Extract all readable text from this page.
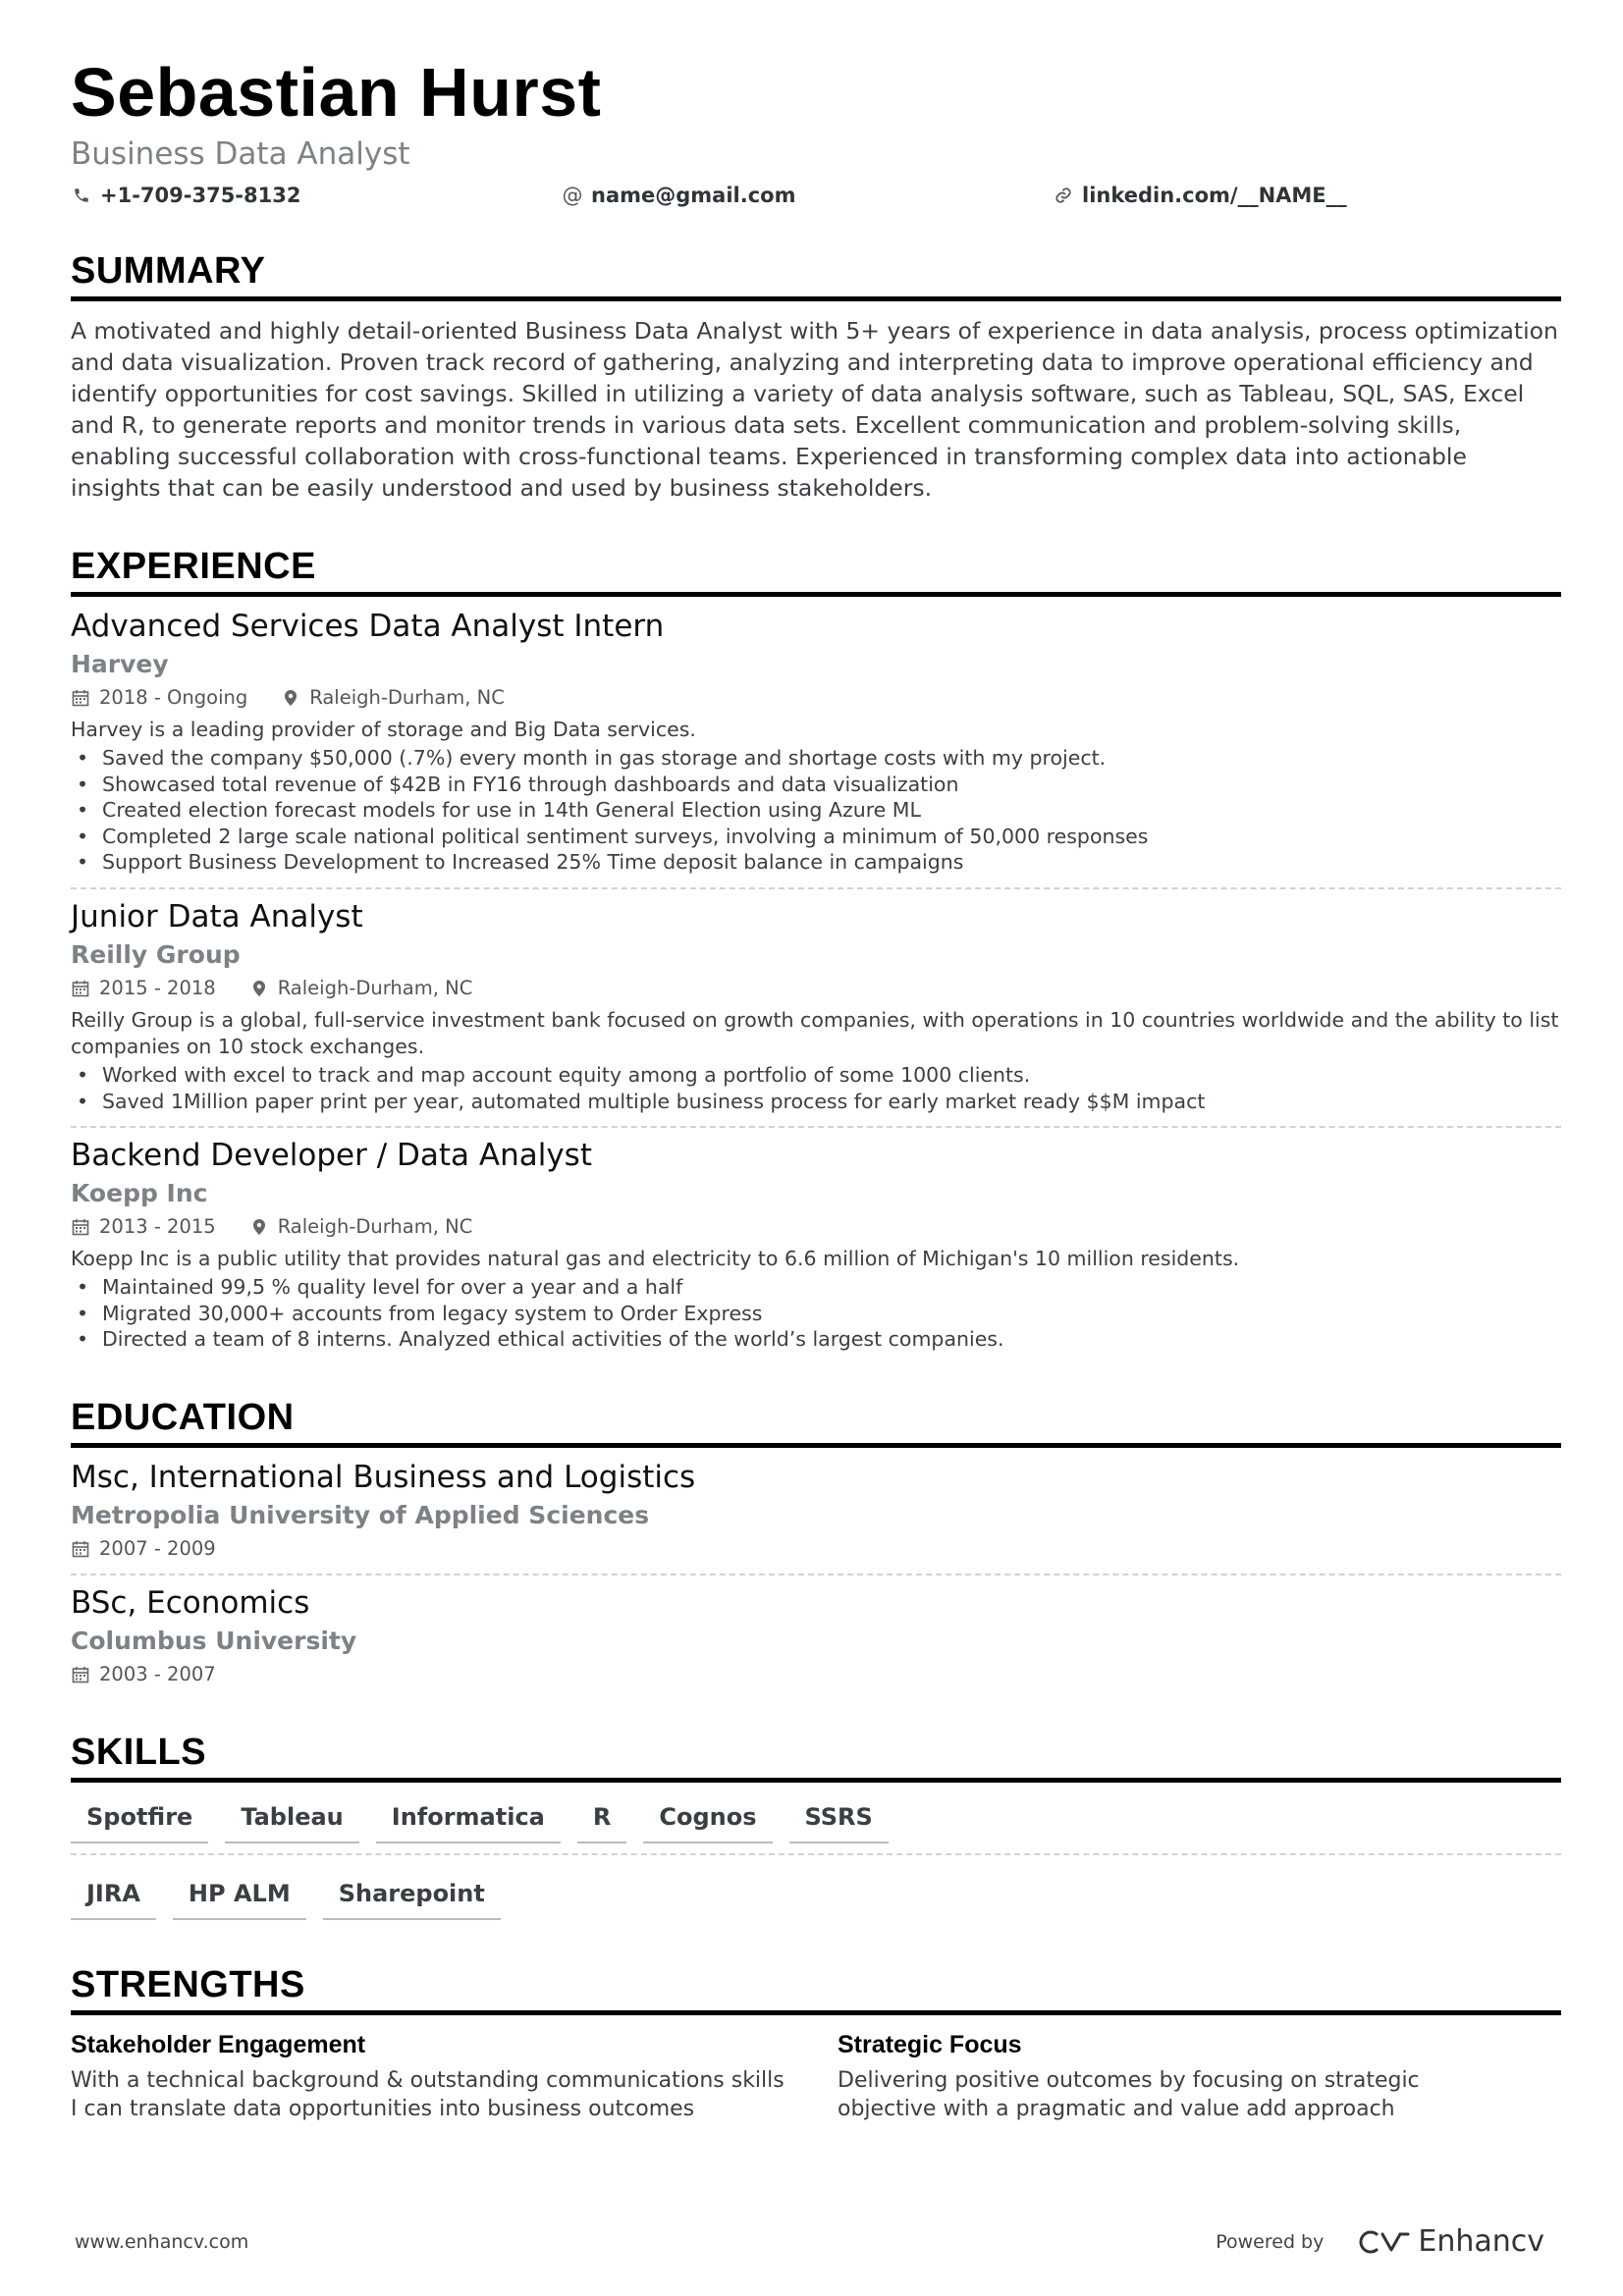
Sebastian Hurst
Business Data Analyst
+1-709-375-8132	@ name@gmail.com	linkedin.com/__NAME__
SUMMARY
A motivated and highly detail-oriented Business Data Analyst with 5+ years of experience in data analysis, process optimization and data visualization. Proven track record of gathering, analyzing and interpreting data to improve operational efficiency and identify opportunities for cost savings. Skilled in utilizing a variety of data analysis software, such as Tableau, SQL, SAS, Excel and R, to generate reports and monitor trends in various data sets. Excellent communication and problem-solving skills, enabling successful collaboration with cross-functional teams. Experienced in transforming complex data into actionable insights that can be easily understood and used by business stakeholders.
EXPERIENCE
Advanced Services Data Analyst Intern
Harvey
2018 - Ongoing	Raleigh-Durham, NC
Harvey is a leading provider of storage and Big Data services.
• Saved the company $50,000 (.7%) every month in gas storage and shortage costs with my project.
• Showcased total revenue of $42B in FY16 through dashboards and data visualization
• Created election forecast models for use in 14th General Election using Azure ML
• Completed 2 large scale national political sentiment surveys, involving a minimum of 50,000 responses
• Support Business Development to Increased 25% Time deposit balance in campaigns
Junior Data Analyst
Reilly Group
2015 - 2018	Raleigh-Durham, NC
Reilly Group is a global, full-service investment bank focused on growth companies, with operations in 10 countries worldwide and the ability to list companies on 10 stock exchanges.
• Worked with excel to track and map account equity among a portfolio of some 1000 clients.
• Saved 1Million paper print per year, automated multiple business process for early market ready $$M impact
Backend Developer / Data Analyst
Koepp Inc
2013 - 2015	Raleigh-Durham, NC
Koepp Inc is a public utility that provides natural gas and electricity to 6.6 million of Michigan's 10 million residents.
• Maintained 99,5 % quality level for over a year and a half
• Migrated 30,000+ accounts from legacy system to Order Express
• Directed a team of 8 interns. Analyzed ethical activities of the world’s largest companies.
EDUCATION
Msc, International Business and Logistics
Metropolia University of Applied Sciences
2007 - 2009
BSc, Economics
Columbus University
2003 - 2007
SKILLS
Spotfire	Tableau	Informatica	R	Cognos	SSRS
JIRA	HP ALM	Sharepoint
STRENGTHS
Stakeholder Engagement
With a technical background & outstanding communications skills I can translate data opportunities into business outcomes
Strategic Focus
Delivering positive outcomes by focusing on strategic objective with a pragmatic and value add approach
www.enhancv.com	Powered by	Enhancv
